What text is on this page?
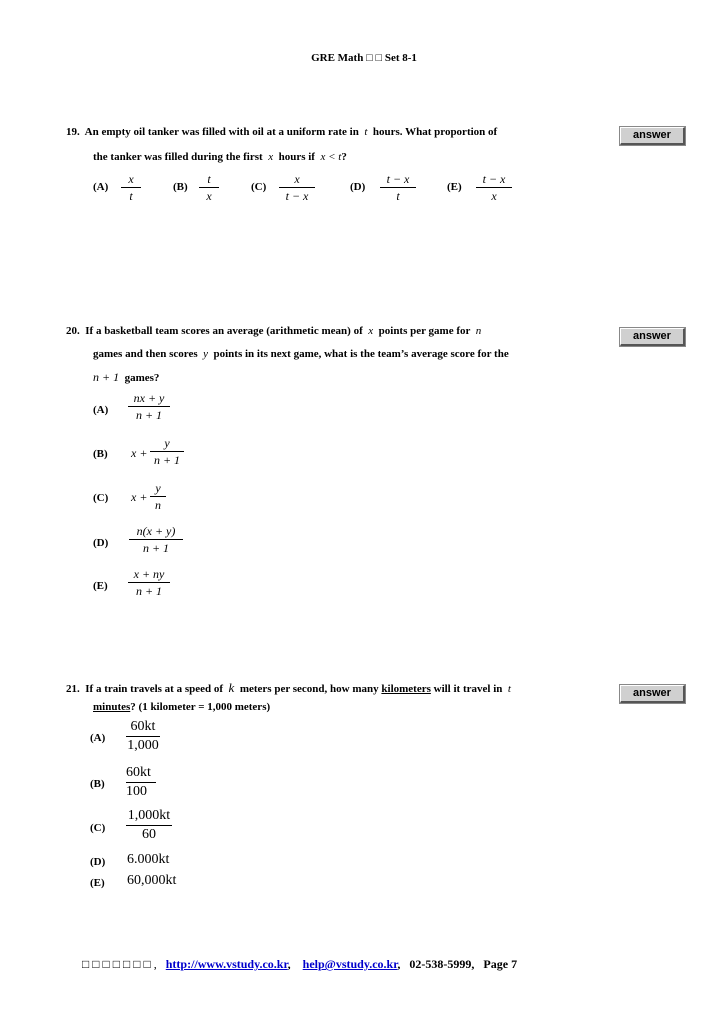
GRE Math □ □ Set 8-1
19. An empty oil tanker was filled with oil at a uniform rate in t hours. What proportion of
the tanker was filled during the first x hours if x < t?
answer
(A)
x
t
(B)
t
x
(C)
x
t − x
(D)
t − x
t
(E)
t − x
x
20. If a basketball team scores an average (arithmetic mean) of x points per game for n
games and then scores y points in its next game, what is the team’s average score for the
n + 1 games?
answer
(A)
nx + y
n + 1
(B) x +
y
n + 1
(C) x +
y
n
(D)
n(x + y)
n + 1
(E)
x + ny
n + 1
21. If a train travels at a speed of k meters per second, how many kilometers will it travel in t
minutes? (1 kilometer = 1,000 meters)
answer
(A)
60kt
1,000
(B)
60kt
100
(C)
1,000kt
60
(D) 6.000kt
(E) 60,000kt
□ □ □ □ □ □ □ , http://www.vstudy.co.kr, help@vstudy.co.kr, 02-538-5999, Page 7
